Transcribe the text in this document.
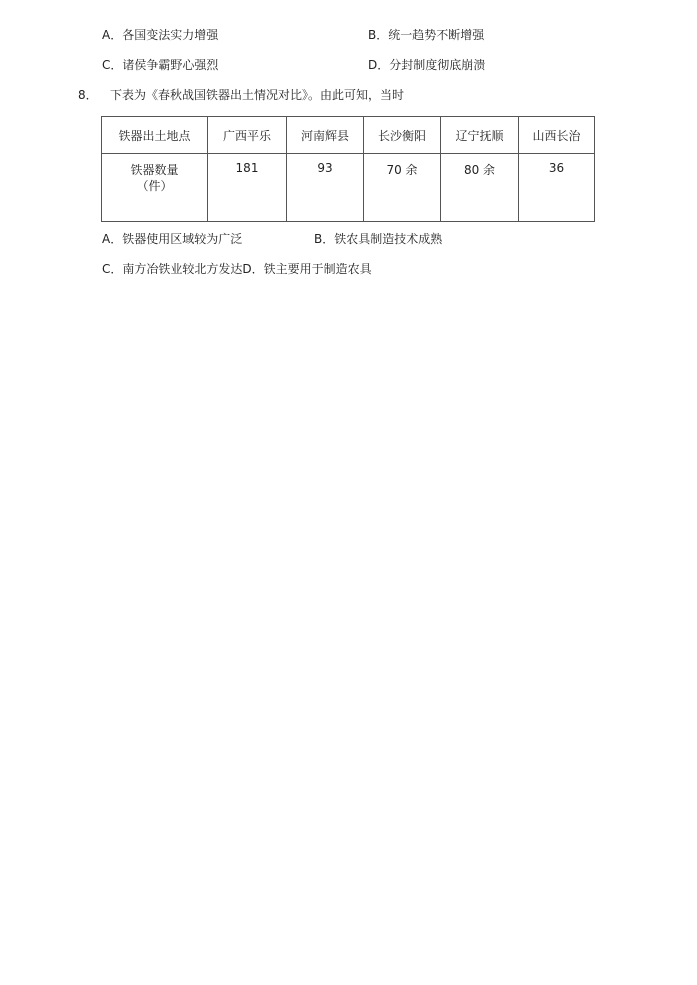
A．各国变法实力增强	B．统一趋势不断增强
C．诸侯争霸野心强烈	D．分封制度彻底崩溃
8． 下表为《春秋战国铁器出土情况对比》。由此可知，当时
铁器出土地点	广西平乐	河南辉县	长沙衡阳	辽宁抚顺	山西长治

铁器数量
（件）	181	93	70 余	80 余	36
A．铁器使用区域较为广泛	B．铁农具制造技术成熟
C．南方冶铁业较北方发达D．铁主要用于制造农具
